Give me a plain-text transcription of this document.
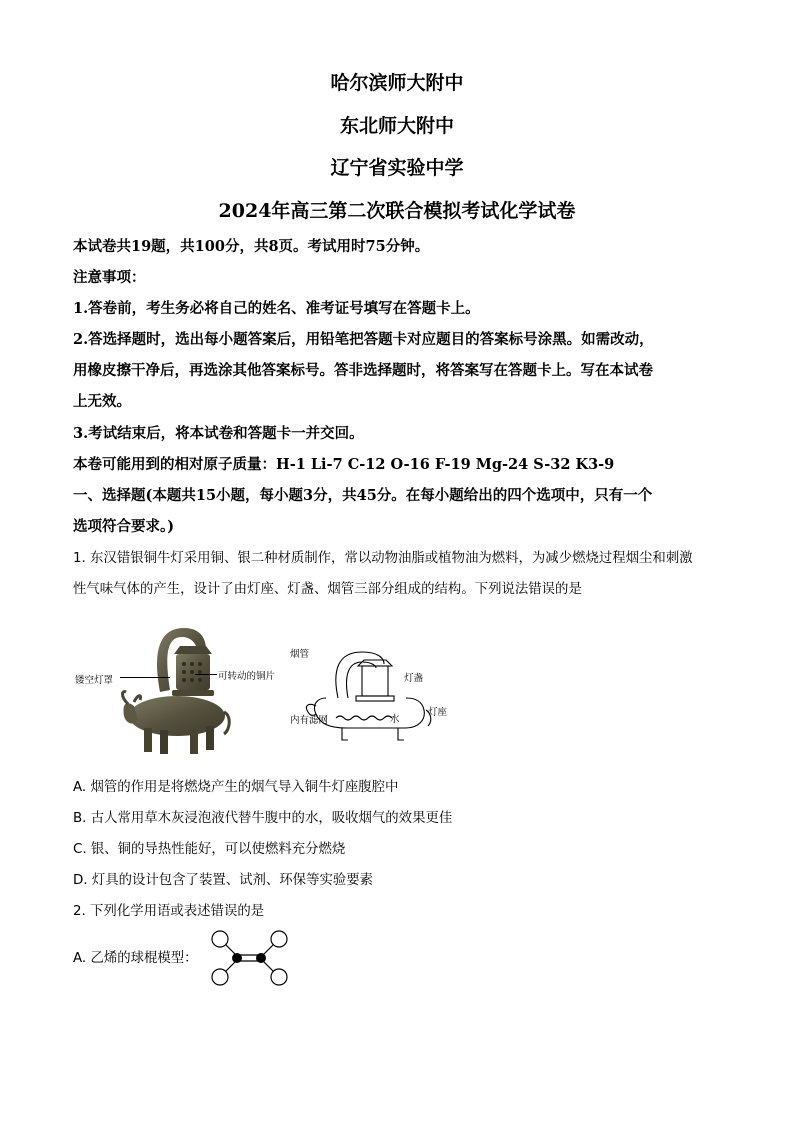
哈尔滨师大附中
东北师大附中
辽宁省实验中学
2024年高三第二次联合模拟考试化学试卷
本试卷共19题，共100分，共8页。考试用时75分钟。
注意事项：
1.答卷前，考生务必将自己的姓名、准考证号填写在答题卡上。
2.答选择题时，选出每小题答案后，用铅笔把答题卡对应题目的答案标号涂黑。如需改动，
用橡皮擦干净后，再选涂其他答案标号。答非选择题时，将答案写在答题卡上。写在本试卷
上无效。
3.考试结束后，将本试卷和答题卡一并交回。
本卷可能用到的相对原子质量：H-1 Li-7 C-12 O-16 F-19 Mg-24 S-32 K3-9
一、选择题(本题共15小题，每小题3分，共45分。在每小题给出的四个选项中，只有一个
选项符合要求。)
1. 东汉错银铜牛灯采用铜、银二种材质制作，常以动物油脂或植物油为燃料，为减少燃烧过程烟尘和刺激
性气味气体的产生，设计了由灯座、灯盏、烟管三部分组成的结构。下列说法错误的是
镂空灯罩	可转动的铜片
烟管
灯盏
内有滤网	水
灯座
A. 烟管的作用是将燃烧产生的烟气导入铜牛灯座腹腔中
B. 古人常用草木灰浸泡液代替牛腹中的水，吸收烟气的效果更佳
C. 银、铜的导热性能好，可以使燃料充分燃烧
D. 灯具的设计包含了装置、试剂、环保等实验要素
2. 下列化学用语或表述错误的是
A. 乙烯的球棍模型：
